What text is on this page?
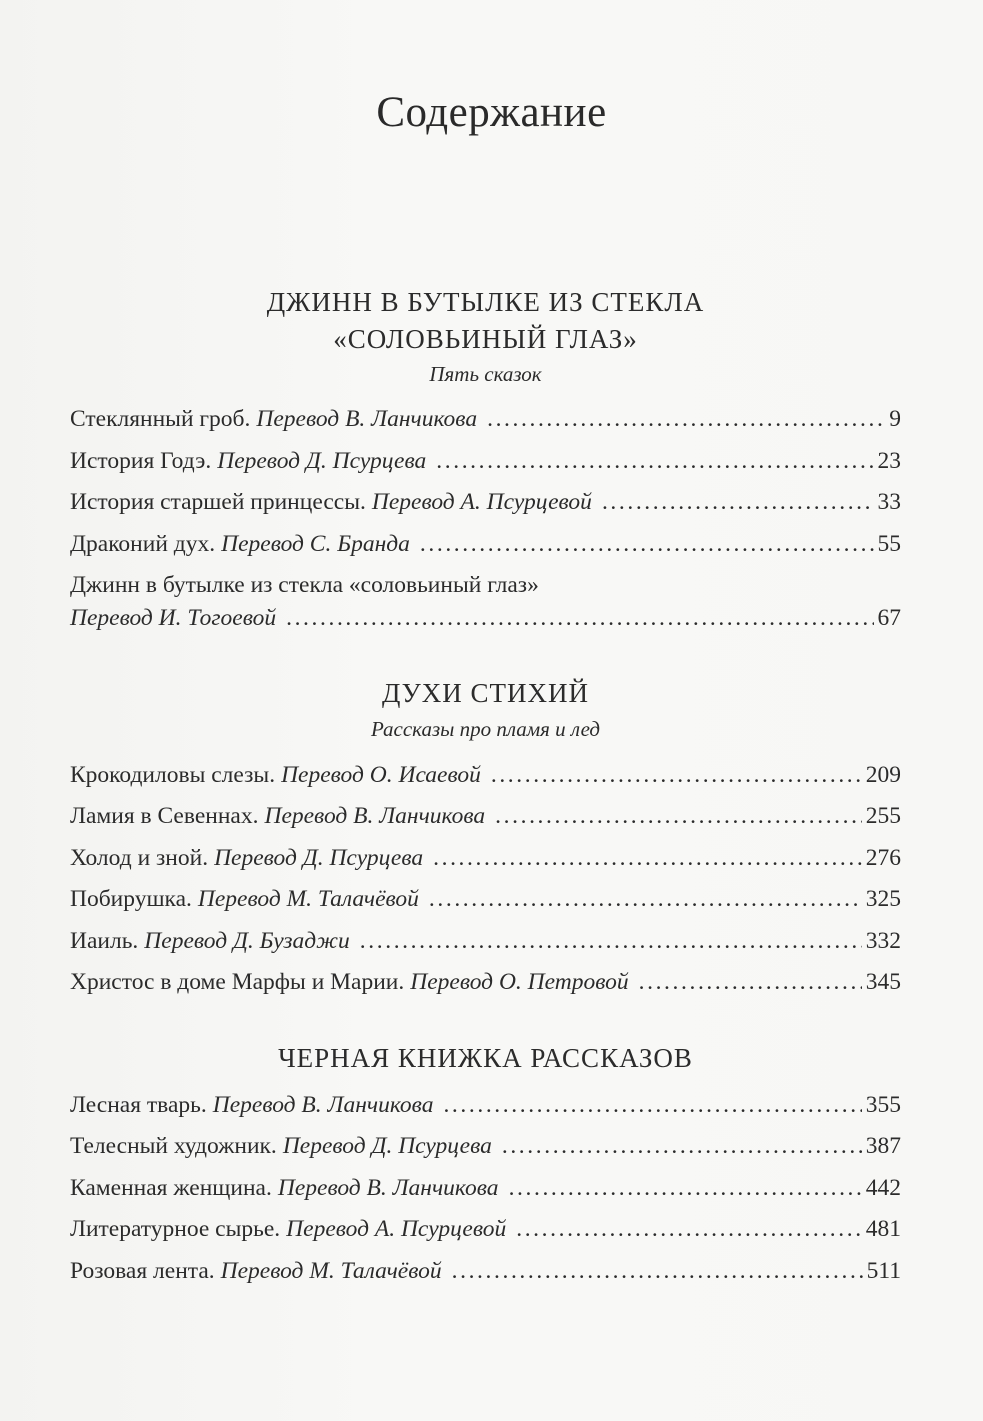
Содержание
ДЖИНН В БУТЫЛКЕ ИЗ СТЕКЛА
«СОЛОВЬИНЫЙ ГЛАЗ»
Пять сказок
Стеклянный гроб. Перевод В. Ланчикова .....	9
История Годэ. Перевод Д. Псурцева .....	23
История старшей принцессы. Перевод А. Псурцевой .....	33
Драконий дух. Перевод С. Бранда .....	55
Джинн в бутылке из стекла «соловьиный глаз»
Перевод И. Тогоевой .....	67
ДУХИ СТИХИЙ
Рассказы про пламя и лед
Крокодиловы слезы. Перевод О. Исаевой .....	209
Ламия в Севеннах. Перевод В. Ланчикова .....	255
Холод и зной. Перевод Д. Псурцева .....	276
Побирушка. Перевод М. Талачёвой .....	325
Иаиль. Перевод Д. Бузаджи .....	332
Христос в доме Марфы и Марии. Перевод О. Петровой .....	345
ЧЕРНАЯ КНИЖКА РАССКАЗОВ
Лесная тварь. Перевод В. Ланчикова .....	355
Телесный художник. Перевод Д. Псурцева .....	387
Каменная женщина. Перевод В. Ланчикова .....	442
Литературное сырье. Перевод А. Псурцевой .....	481
Розовая лента. Перевод М. Талачёвой .....	511
